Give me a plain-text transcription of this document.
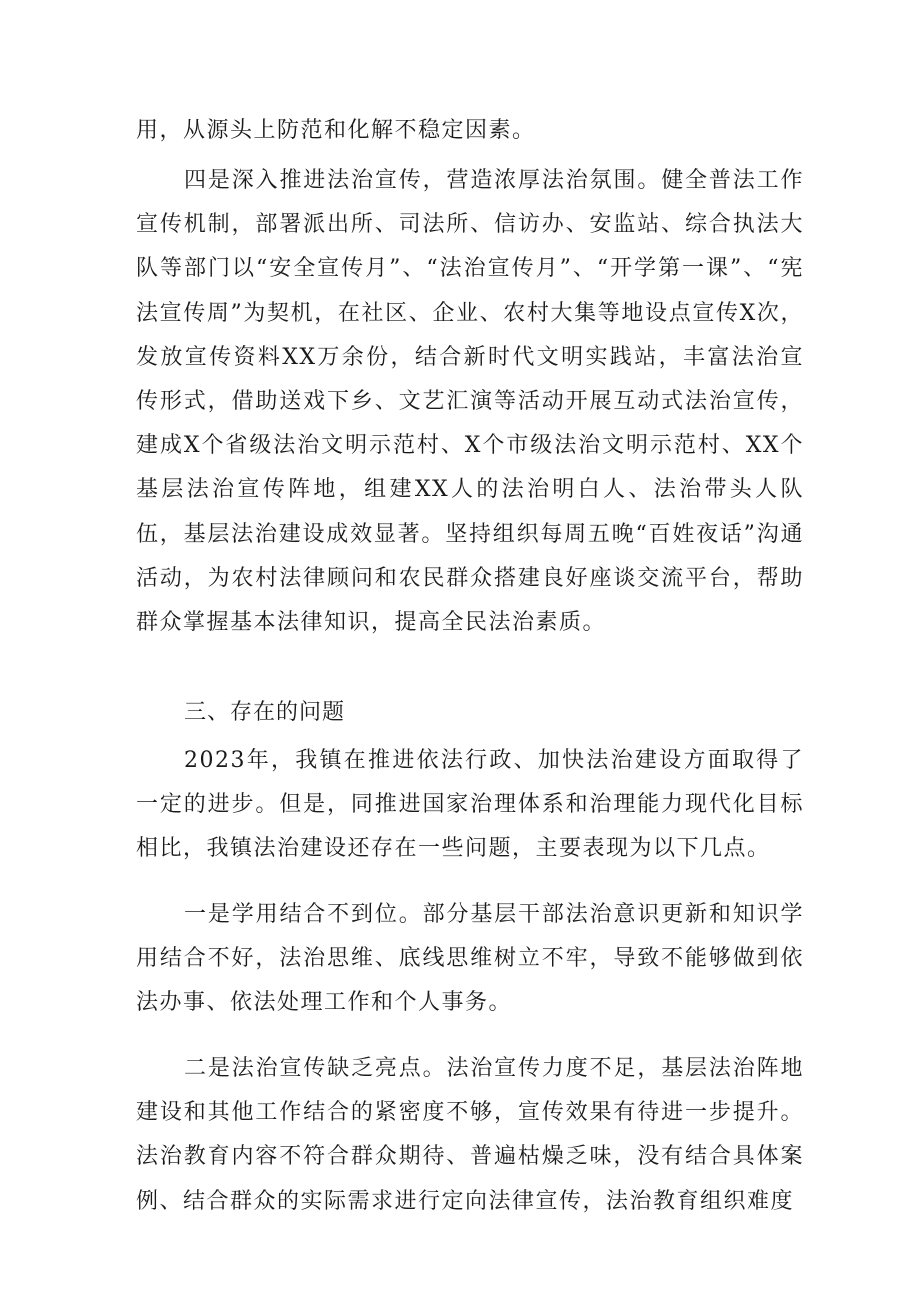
用，从源头上防范和化解不稳定因素。

四是深入推进法治宣传，营造浓厚法治氛围。健全普法工作宣传机制，部署派出所、司法所、信访办、安监站、综合执法大队等部门以“安全宣传月”、“法治宣传月”、“开学第一课”、“宪法宣传周”为契机，在社区、企业、农村大集等地设点宣传X次，发放宣传资料XX万余份，结合新时代文明实践站，丰富法治宣传形式，借助送戏下乡、文艺汇演等活动开展互动式法治宣传，建成X个省级法治文明示范村、X个市级法治文明示范村、XX个基层法治宣传阵地，组建XX人的法治明白人、法治带头人队伍，基层法治建设成效显著。坚持组织每周五晚“百姓夜话”沟通活动，为农村法律顾问和农民群众搭建良好座谈交流平台，帮助群众掌握基本法律知识，提高全民法治素质。

三、存在的问题

2023年，我镇在推进依法行政、加快法治建设方面取得了一定的进步。但是，同推进国家治理体系和治理能力现代化目标相比，我镇法治建设还存在一些问题，主要表现为以下几点。

一是学用结合不到位。部分基层干部法治意识更新和知识学用结合不好，法治思维、底线思维树立不牢，导致不能够做到依法办事、依法处理工作和个人事务。

二是法治宣传缺乏亮点。法治宣传力度不足，基层法治阵地建设和其他工作结合的紧密度不够，宣传效果有待进一步提升。法治教育内容不符合群众期待、普遍枯燥乏味，没有结合具体案例、结合群众的实际需求进行定向法律宣传，法治教育组织难度
